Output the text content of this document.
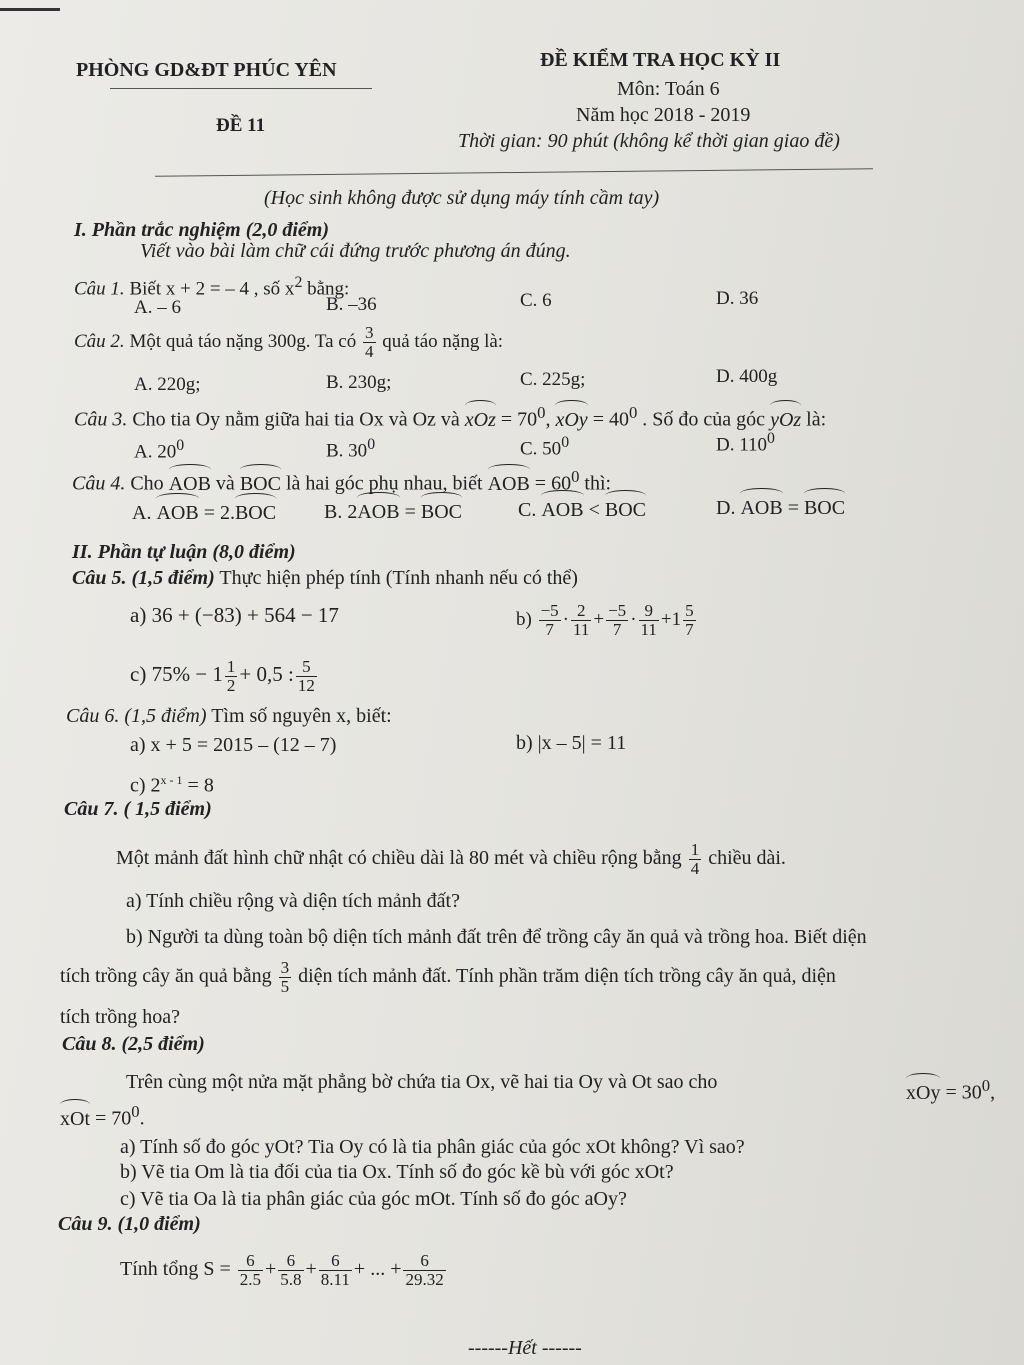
PHÒNG GD&ĐT PHÚC YÊN
ĐỀ 11
ĐỀ KIỂM TRA HỌC KỲ II
Môn: Toán 6
Năm học 2018 - 2019
Thời gian: 90 phút (không kể thời gian giao đề)
(Học sinh không được sử dụng máy tính cầm tay)
I. Phần trắc nghiệm (2,0 điểm)
Viết vào bài làm chữ cái đứng trước phương án đúng.
Câu 1. Biết x + 2 = – 4 , số $x^2$ bằng:
A. – 6	B. –36	C. 6	D. 36
Câu 2. Một quả táo nặng 300g. Ta có $\frac{3}{4}$ quả táo nặng là:
A. 220g;	B. 230g;	C. 225g;	D. 400g
Câu 3. Cho tia Oy nằm giữa hai tia Ox và Oz và xOz = $70^0$, xOy = $40^0$ . Số đo của góc yOz là:
A. $20^0$	B. $30^0$	C. $50^0$	D. $110^0$
Câu 4. Cho AOB và BOC là hai góc phụ nhau, biết AOB = $60^0$ thì:
A. AOB = 2.BOC B. 2AOB = BOC	C. AOB < BOC	D. AOB = BOC
II. Phần tự luận (8,0 điểm)
Câu 5. (1,5 điểm) Thực hiện phép tính (Tính nhanh nếu có thể)
a) 36 + (−83) + 564 − 17	$b) \frac{-5}{7} \cdot \frac{2}{11} + \frac{-5}{7} \cdot \frac{9}{11} +1 \frac{5}{7}$
c) $75\% - 1 \frac{1}{2} + 0,5$ : $\frac{5}{12}$
Câu 6. (1,5 điểm) Tìm số nguyên x, biết:
a) x + 5 = 2015 – (12 – 7)	b) |x – 5| = 11
c) $2^{x - 1} = 8$
Câu 7. ( 1,5 điểm)
Một mảnh đất hình chữ nhật có chiều dài là 80 mét và chiều rộng bằng $\frac{1}{4}$ chiều dài.
a) Tính chiều rộng và diện tích mảnh đất?
b) Người ta dùng toàn bộ diện tích mảnh đất trên để trồng cây ăn quả và trồng hoa. Biết diện
tích trồng cây ăn quả bằng $\frac{3}{5}$ diện tích mảnh đất. Tính phần trăm diện tích trồng cây ăn quả, diện
tích trồng hoa?
Câu 8. (2,5 điểm)
Trên cùng một nửa mặt phẳng bờ chứa tia Ox, vẽ hai tia Oy và Ot sao cho	xOy = $30^0$,
xOt = $70^0$.
a) Tính số đo góc yOt? Tia Oy có là tia phân giác của góc xOt không? Vì sao?
b) Vẽ tia Om là tia đối của tia Ox. Tính số đo góc kề bù với góc xOt?
c) Vẽ tia Oa là tia phân giác của góc mOt. Tính số đo góc aOy?
Câu 9. (1,0 điểm)
Tính tổng $S = \frac{6}{2.5} + \frac{6}{5.8} + \frac{6}{8.11}$ + ... + $\frac{6}{29.32}$
------Hết ------
